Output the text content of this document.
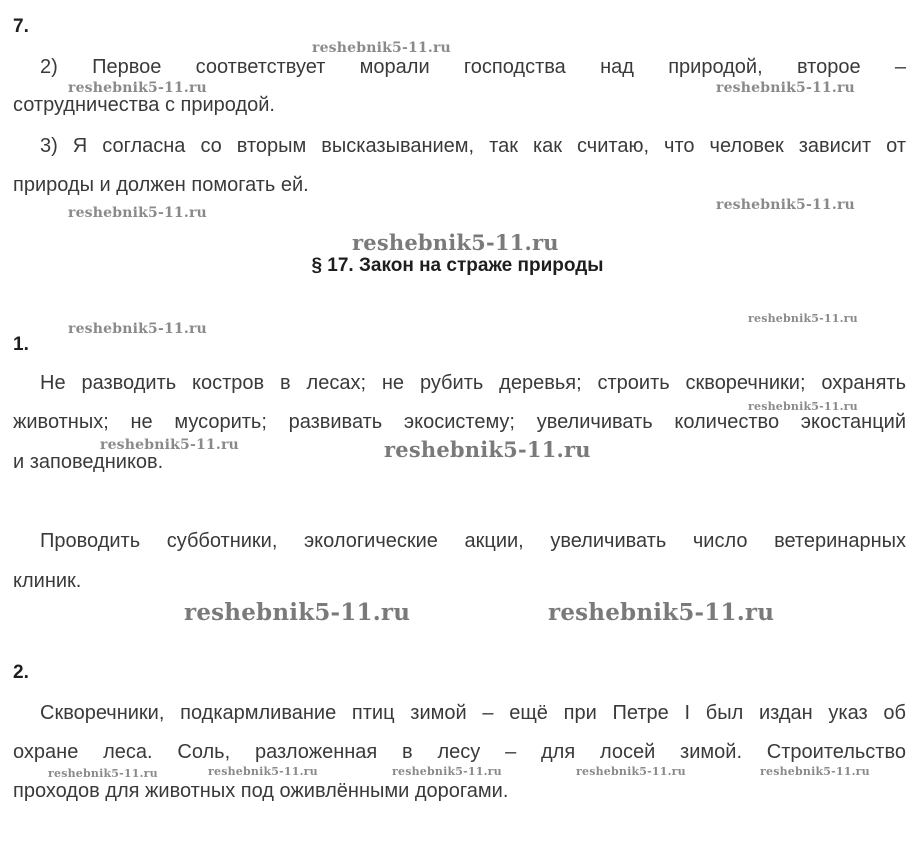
7.
2) Первое соответствует морали господства над природой, второе –
сотрудничества с природой.
3) Я согласна со вторым высказыванием, так как считаю, что человек зависит от
природы и должен помогать ей.
§ 17. Закон на страже природы
1.
Не разводить костров в лесах; не рубить деревья; строить скворечники; охранять
животных; не мусорить; развивать экосистему; увеличивать количество экостанций
и заповедников.
Проводить субботники, экологические акции, увеличивать число ветеринарных
клиник.
2.
Скворечники, подкармливание птиц зимой – ещё при Петре I был издан указ об
охране леса. Соль, разложенная в лесу – для лосей зимой. Строительство
проходов для животных под оживлёнными дорогами.
reshebnik5-11.ru
reshebnik5-11.ru	reshebnik5-11.ru
reshebnik5-11.ru	reshebnik5-11.ru
reshebnik5-11.ru
reshebnik5-11.ru
reshebnik5-11.ru
reshebnik5-11.ru
reshebnik5-11.ru	reshebnik5-11.ru
reshebnik5-11.ru	reshebnik5-11.ru
reshebnik5-11.ru	reshebnik5-11.ru	reshebnik5-11.ru	reshebnik5-11.ru	reshebnik5-11.ru
